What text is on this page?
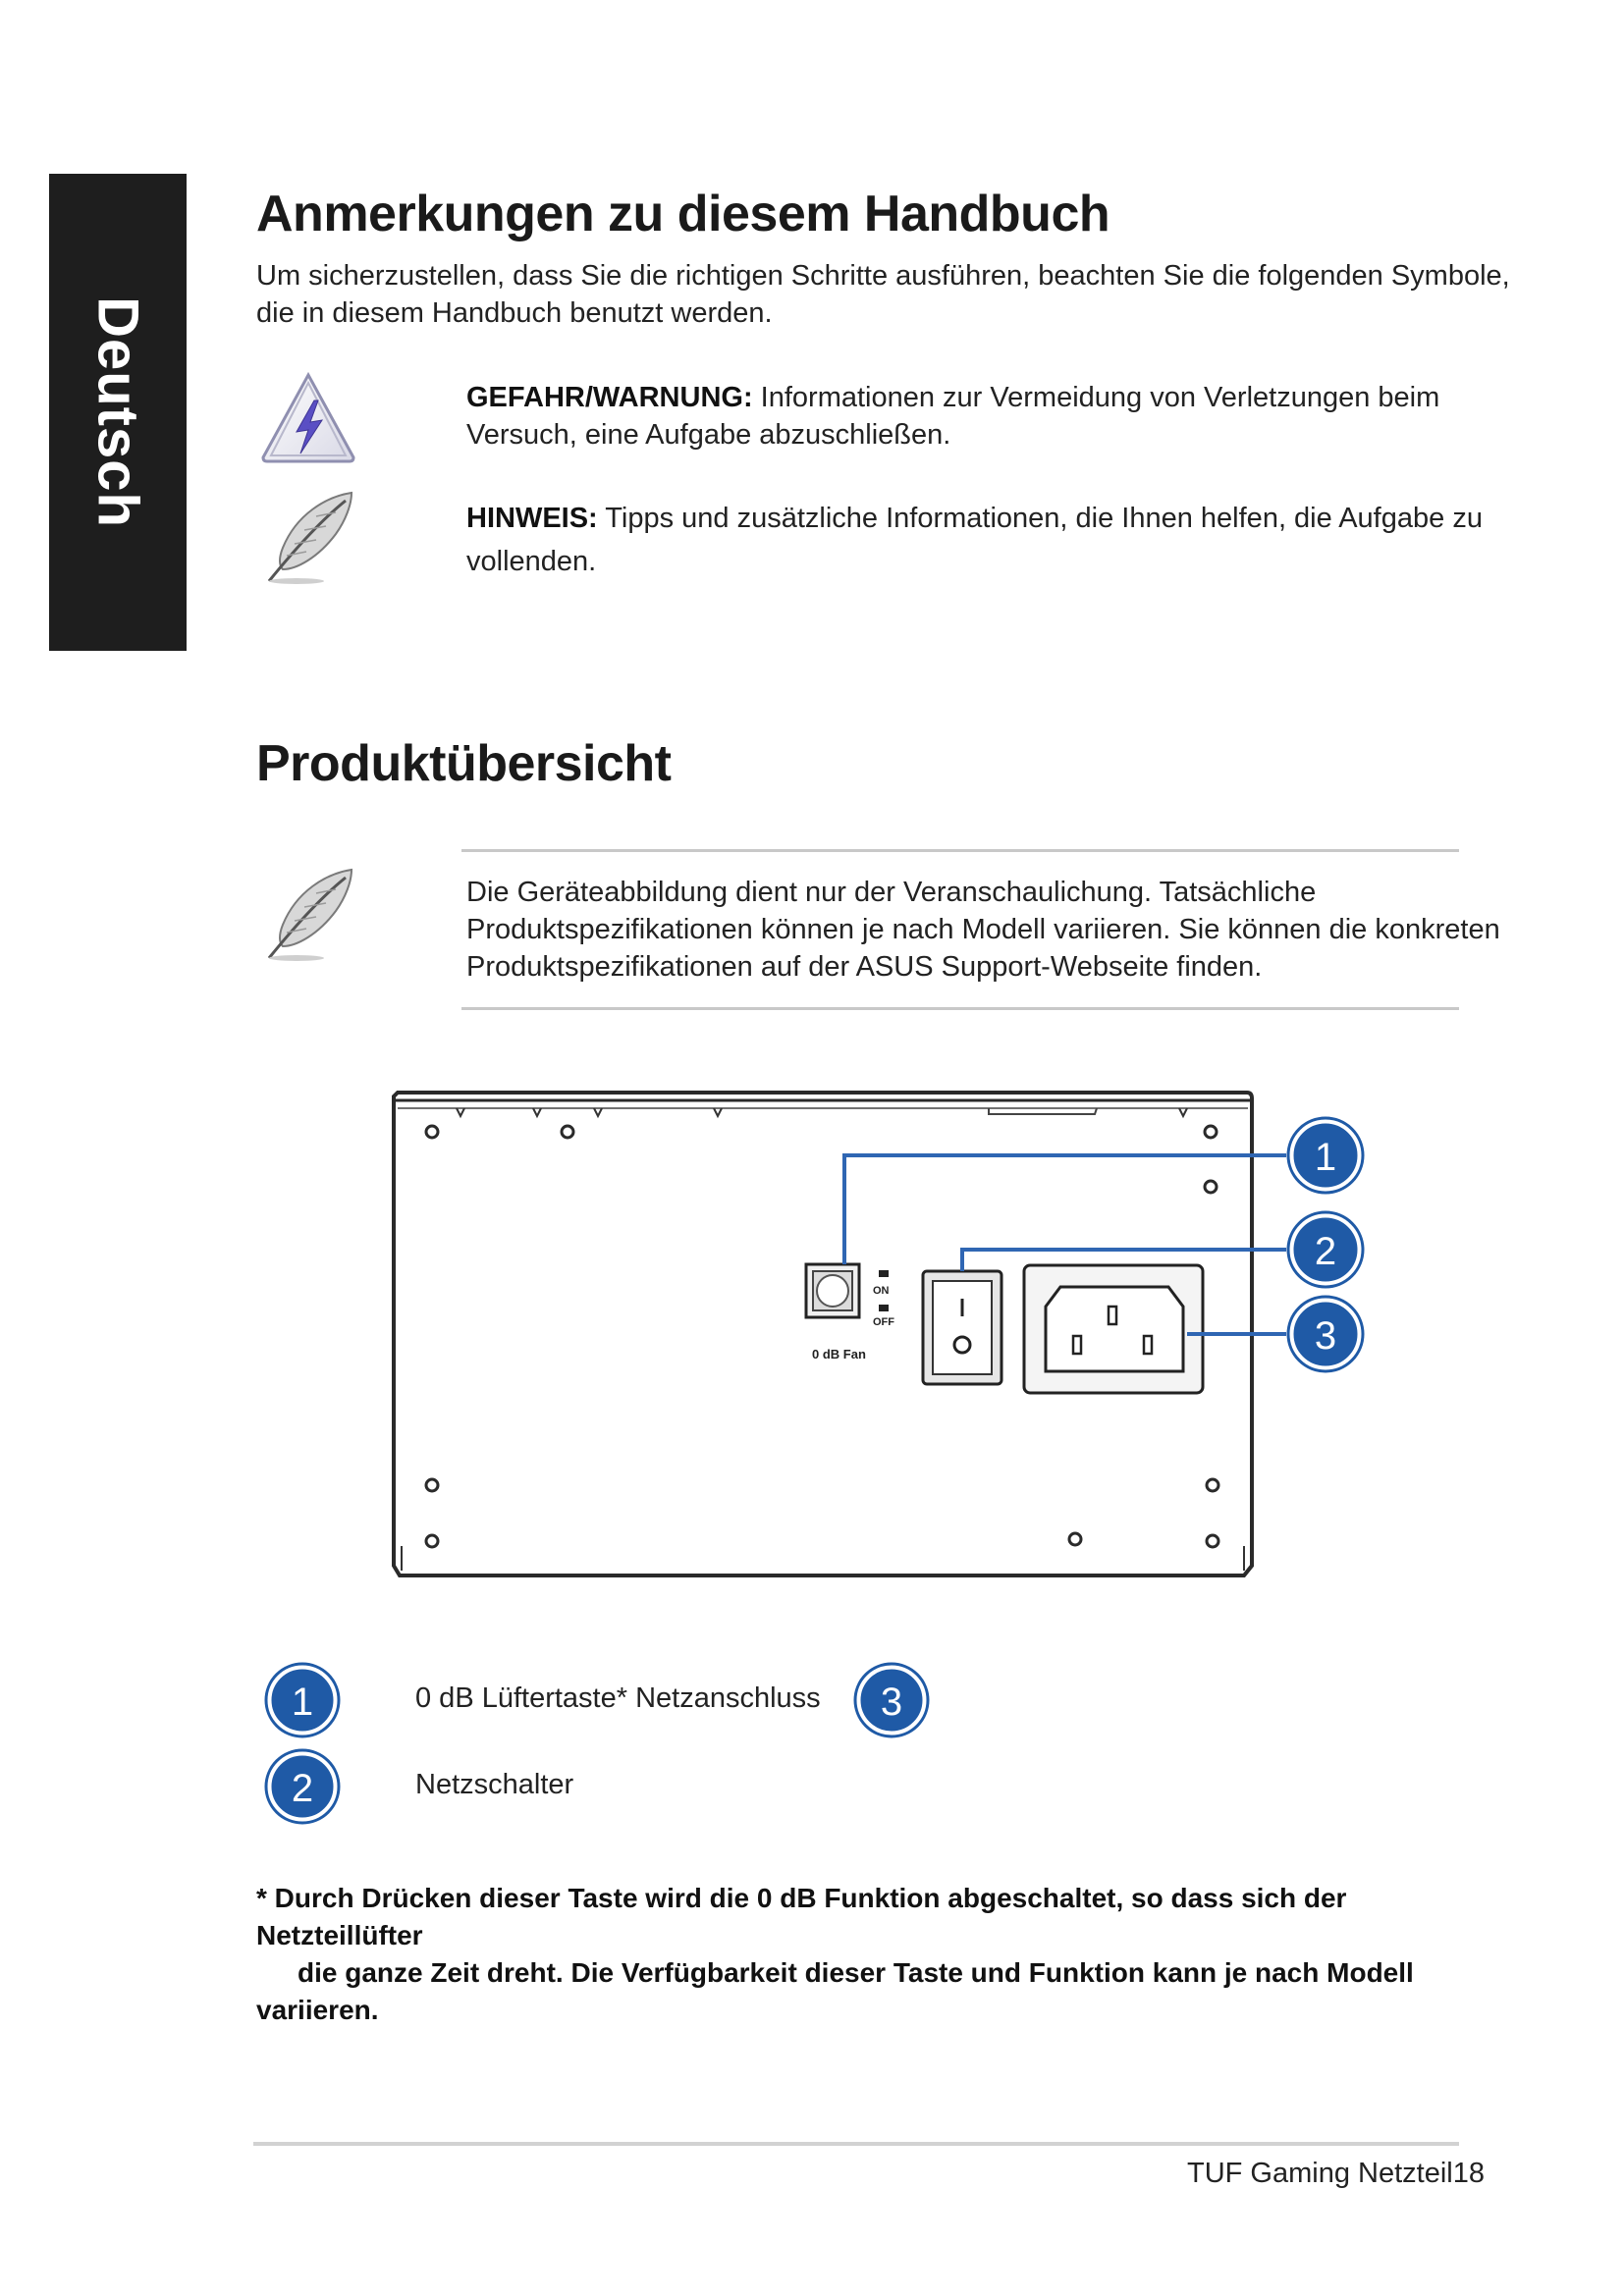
Deutsch
Anmerkungen zu diesem Handbuch

Um sicherzustellen, dass Sie die richtigen Schritte ausführen, beachten Sie die folgenden Symbole,
die in diesem Handbuch benutzt werden.

GEFAHR/WARNUNG: Informationen zur Vermeidung von Verletzungen beim
Versuch, eine Aufgabe abzuschließen.

HINWEIS: Tipps und zusätzliche Informationen, die Ihnen helfen, die Aufgabe zu
vollenden.

Produktübersicht

Die Geräteabbildung dient nur der Veranschaulichung. Tatsächliche
Produktspezifikationen können je nach Modell variieren. Sie können die konkreten
Produktspezifikationen auf der ASUS Support-Webseite finden.

0 dB Fan
ON
OFF
1
2
3
1	0 dB Lüftertaste* Netzanschluss 3
2	Netzschalter
* Durch Drücken dieser Taste wird die 0 dB Funktion abgeschaltet, so dass sich der Netzteillüfter
die ganze Zeit dreht. Die Verfügbarkeit dieser Taste und Funktion kann je nach Modell variieren.
TUF Gaming Netzteil18
